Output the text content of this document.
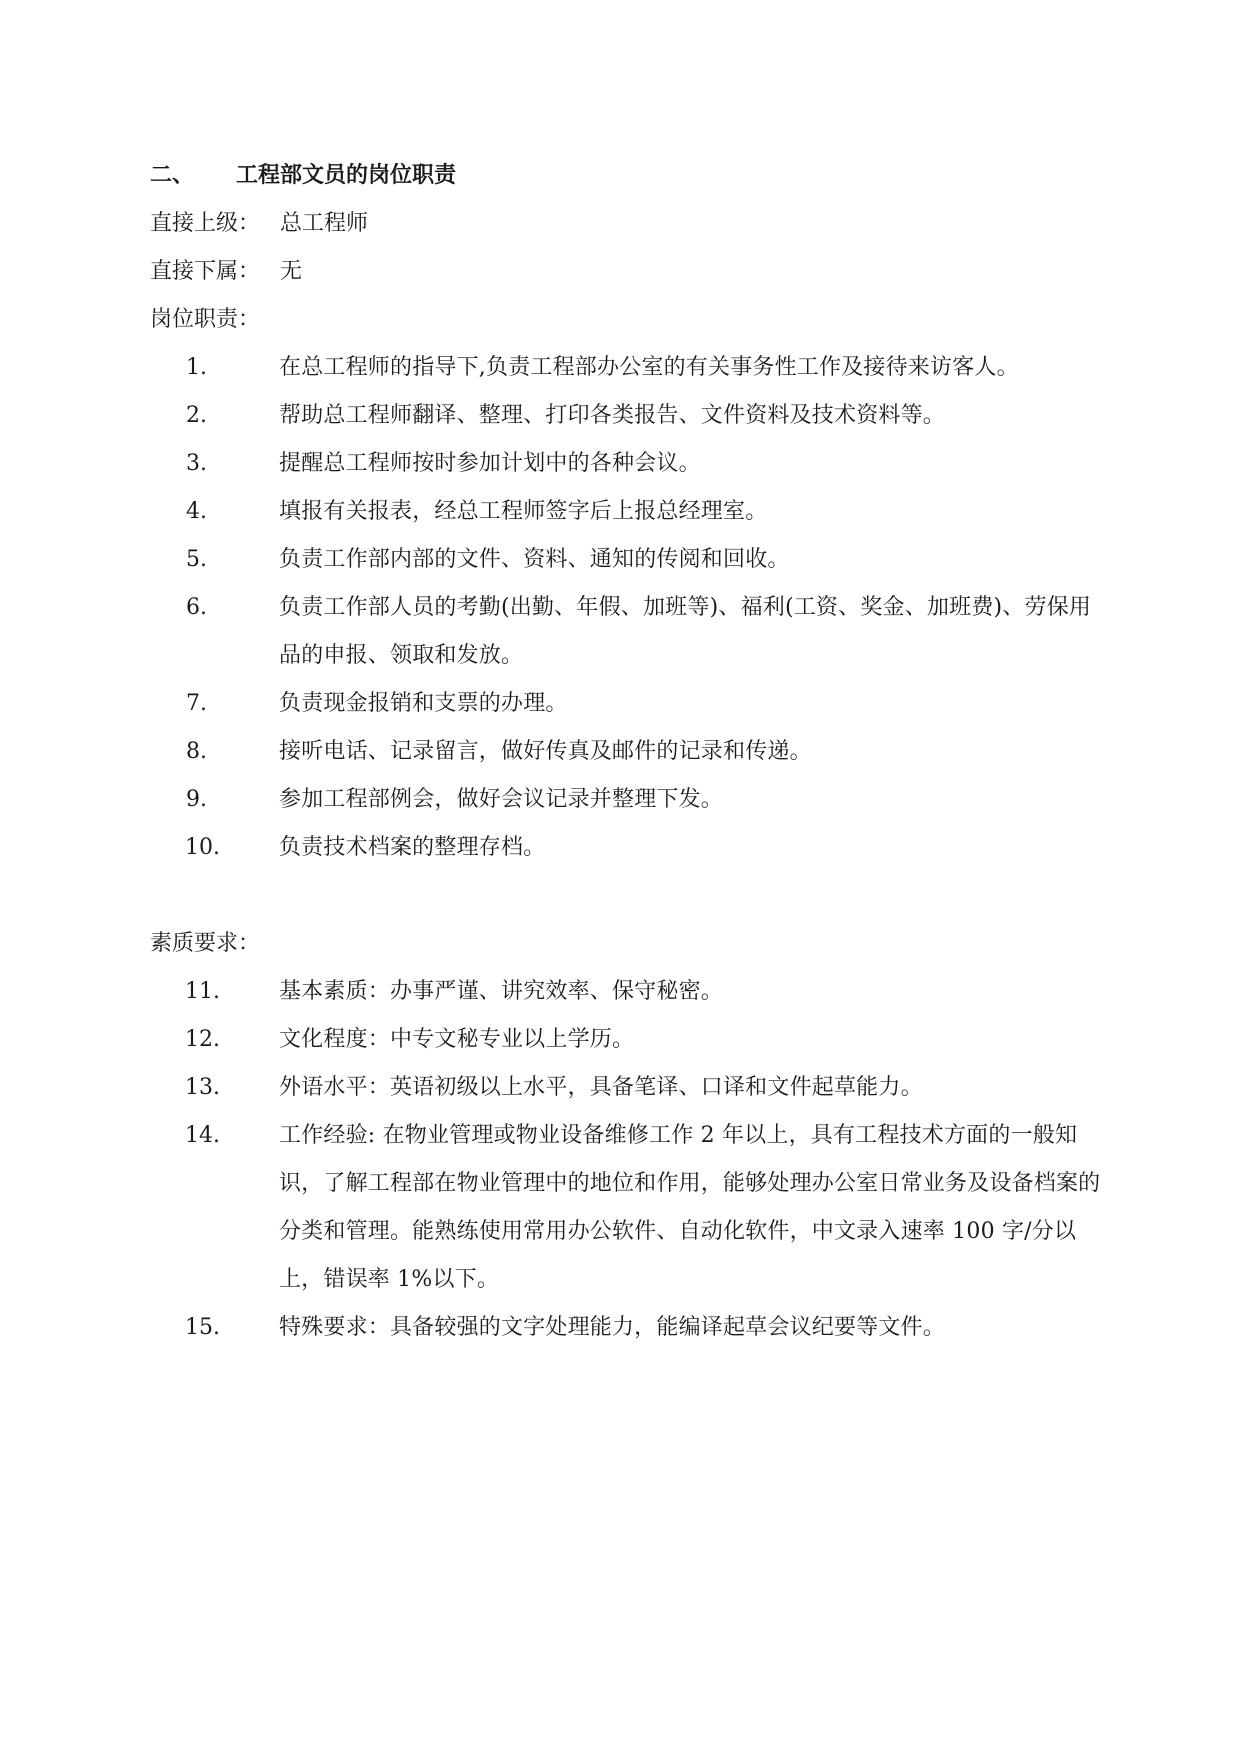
二、	工程部文员的岗位职责
直接上级： 总工程师
直接下属： 无
岗位职责：
1.	在总工程师的指导下,负责工程部办公室的有关事务性工作及接待来访客人。
2.	帮助总工程师翻译、整理、打印各类报告、文件资料及技术资料等。
3.	提醒总工程师按时参加计划中的各种会议。
4.	填报有关报表，经总工程师签字后上报总经理室。
5.	负责工作部内部的文件、资料、通知的传阅和回收。
6.	负责工作部人员的考勤(出勤、年假、加班等)、福利(工资、奖金、加班费)、劳保用品的申报、领取和发放。
7.	负责现金报销和支票的办理。
8.	接听电话、记录留言，做好传真及邮件的记录和传递。
9.	参加工程部例会，做好会议记录并整理下发。
10.	负责技术档案的整理存档。
素质要求：
11.	基本素质：办事严谨、讲究效率、保守秘密。
12.	文化程度：中专文秘专业以上学历。
13.	外语水平：英语初级以上水平，具备笔译、口译和文件起草能力。
14.	工作经验: 在物业管理或物业设备维修工作 2 年以上，具有工程技术方面的一般知识，了解工程部在物业管理中的地位和作用，能够处理办公室日常业务及设备档案的分类和管理。能熟练使用常用办公软件、自动化软件，中文录入速率 100 字/分以上，错误率 1%以下。
15.	特殊要求：具备较强的文字处理能力，能编译起草会议纪要等文件。
